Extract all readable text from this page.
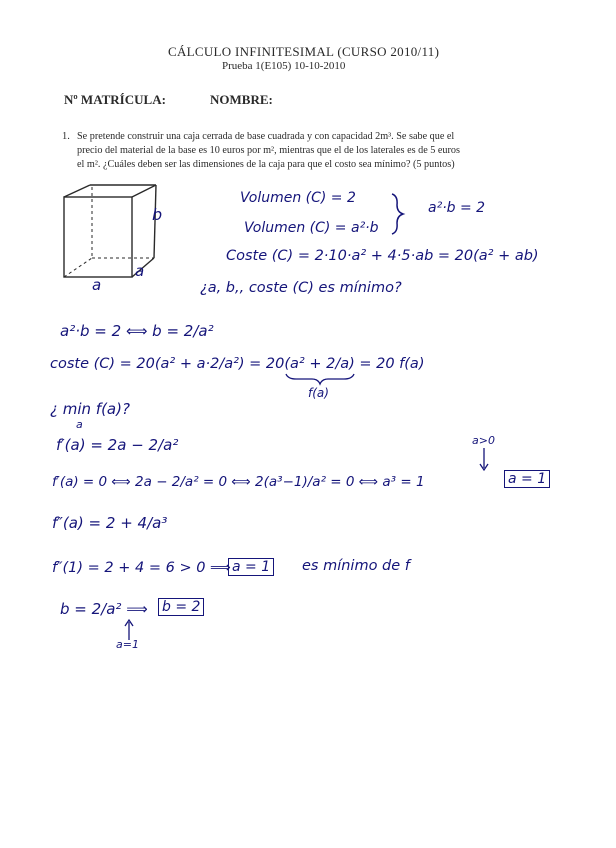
CÁLCULO INFINITESIMAL (CURSO 2010/11)
Prueba 1(E105) 10-10-2010
Nº MATRÍCULA:	NOMBRE:
1. Se pretende construir una caja cerrada de base cuadrada y con capacidad 2m³. Se sabe que el
precio del material de la base es 10 euros por m², mientras que el de los laterales es de 5 euros
el m². ¿Cuáles deben ser las dimensiones de la caja para que el costo sea mínimo? (5 puntos)
b
a
a
Volumen (C) = 2
Volumen (C) = a²·b
a²·b = 2
Coste (C) = 2·10·a² + 4·5·ab = 20(a² + ab)
¿a, b,, coste (C) es mínimo?
a²·b = 2 ⟺ b = 2/a²
coste (C) = 20(a² + a·2/a²) = 20(a² + 2/a) = 20 f(a)
f(a)
¿ min f(a)?
a
f′(a) = 2a − 2/a²
f′(a) = 0 ⟺ 2a − 2/a² = 0 ⟺ 2(a³−1)/a² = 0 ⟺ a³ = 1
a>0
a = 1
f″(a) = 2 + 4/a³
f″(1) = 2 + 4 = 6 > 0 ⟹ a = 1 es mínimo de f
b = 2/a² ⟹ b = 2
a=1
